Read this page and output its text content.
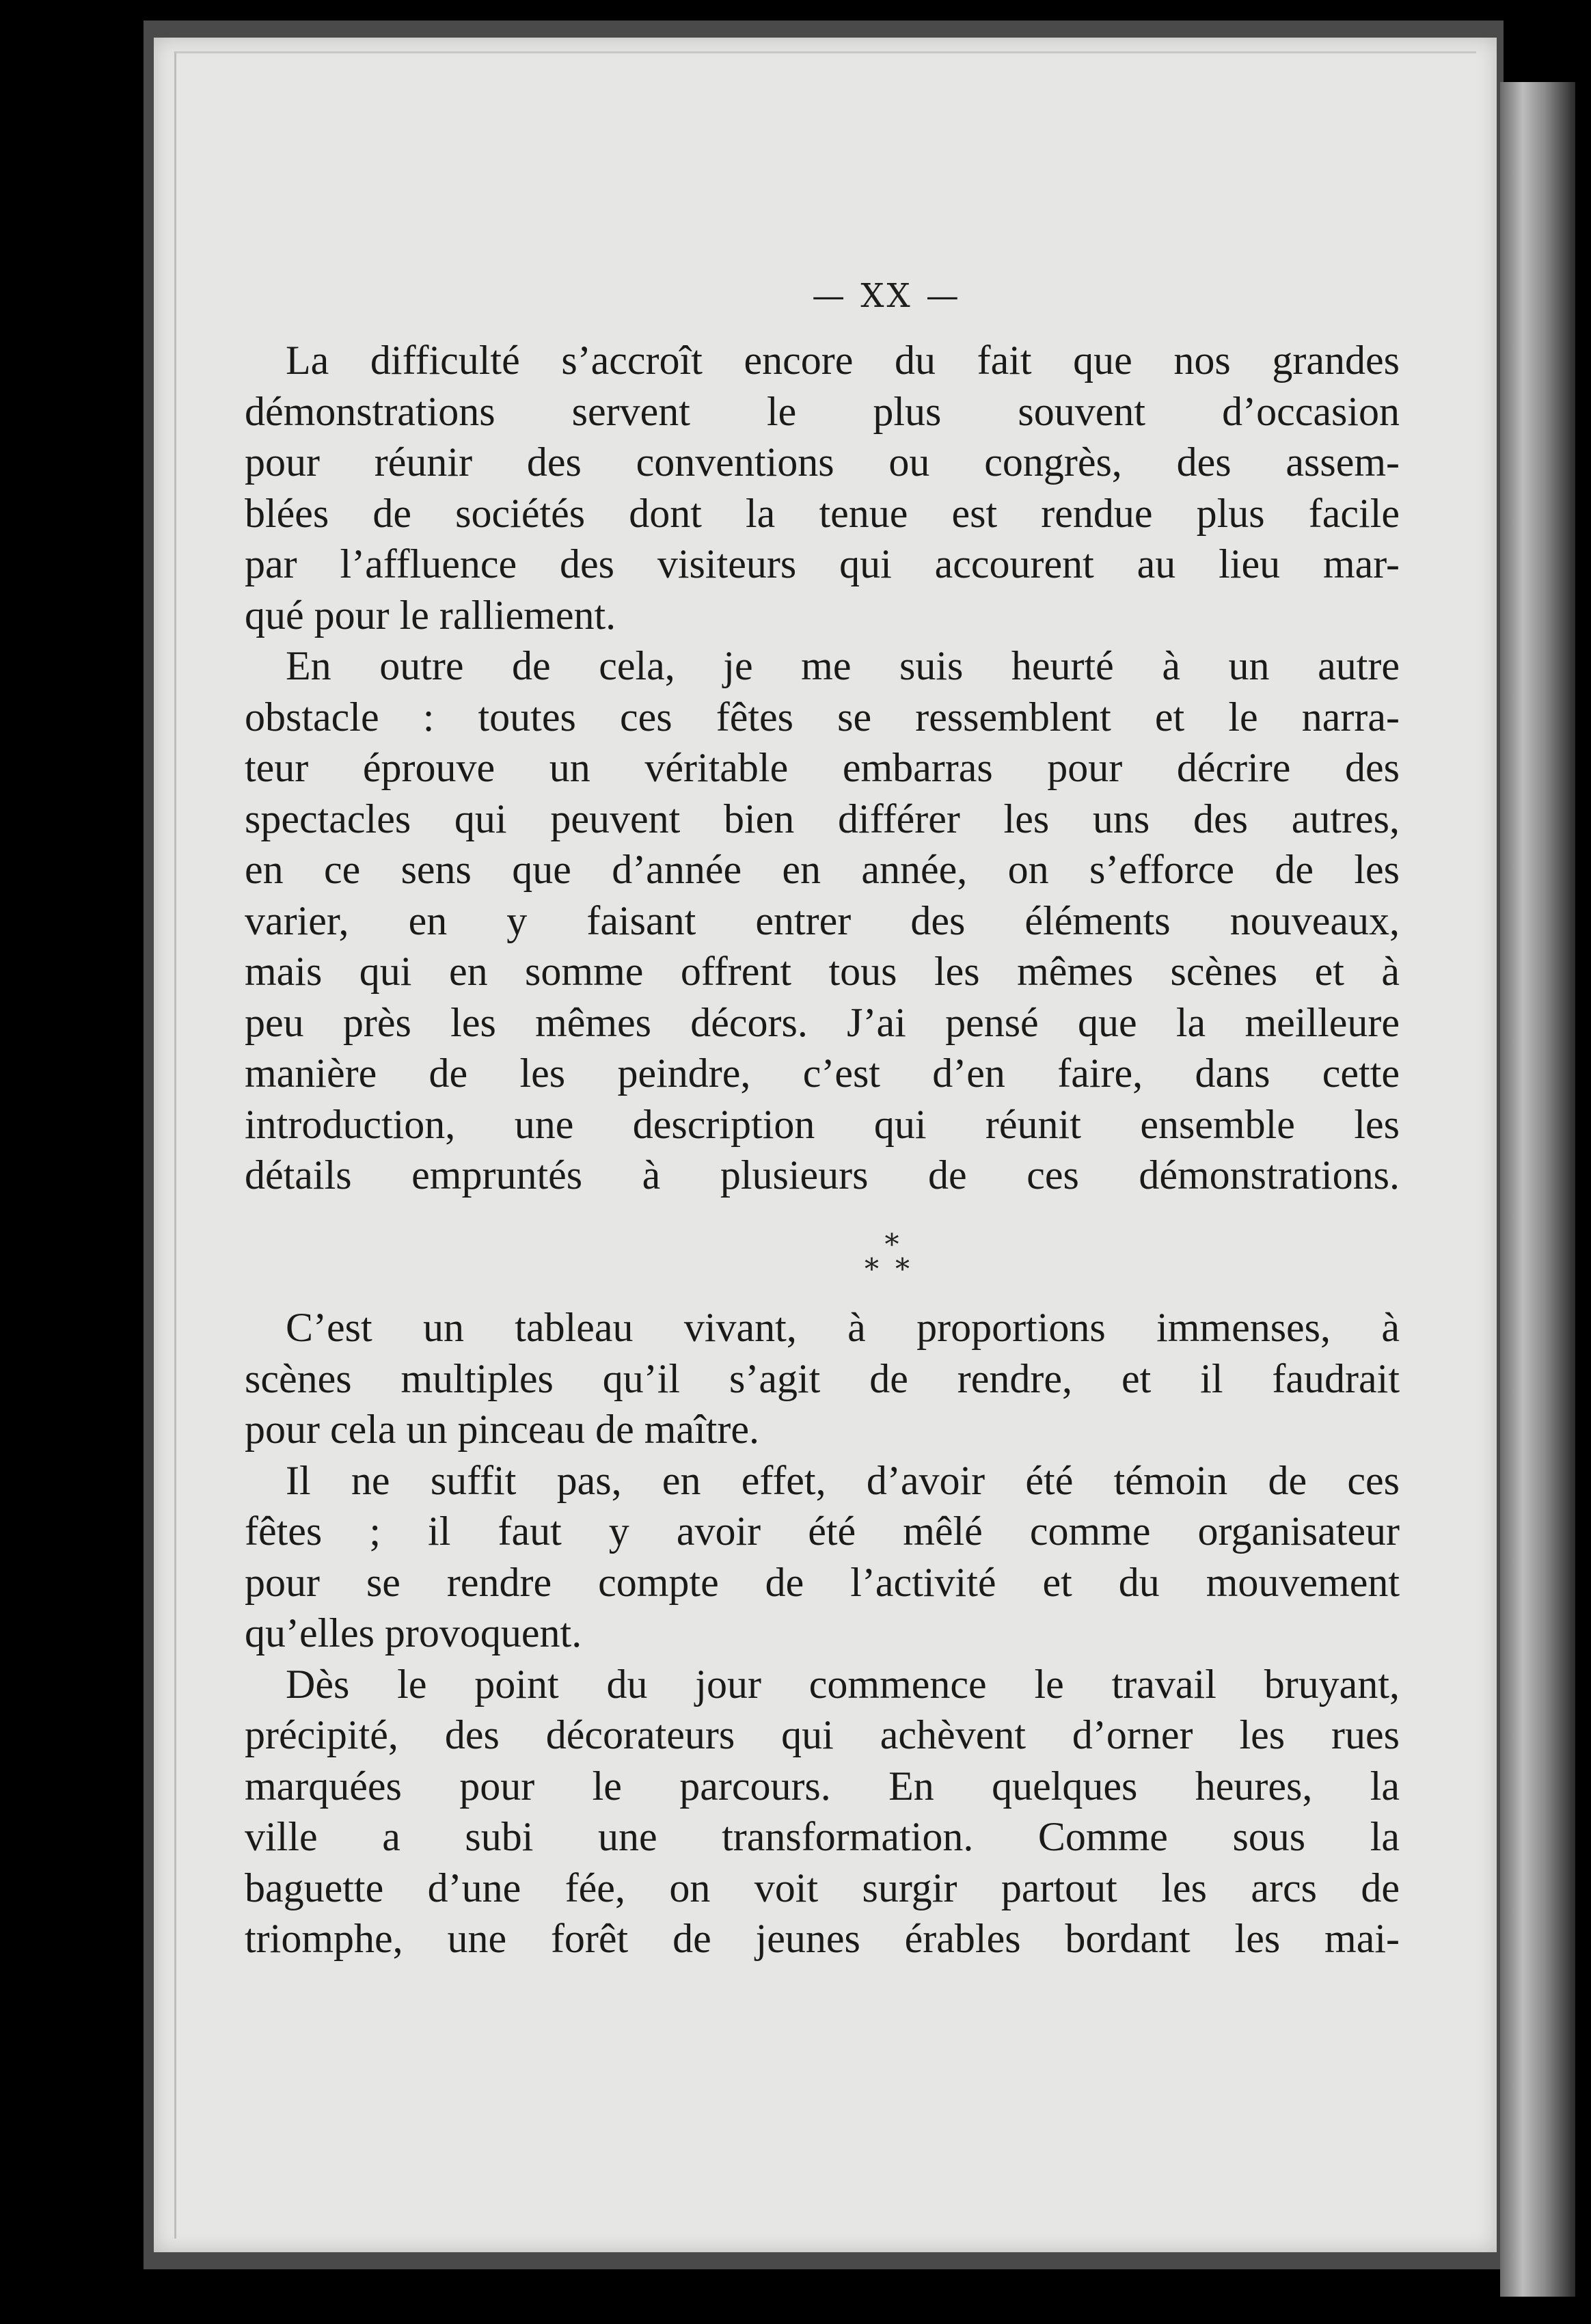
— XX —
La difficulté s’accroît encore du fait que nos grandes
démonstrations servent le plus souvent d’occasion
pour réunir des conventions ou congrès, des assem-
blées de sociétés dont la tenue est rendue plus facile
par l’affluence des visiteurs qui accourent au lieu mar-
qué pour le ralliement.
En outre de cela, je me suis heurté à un autre
obstacle : toutes ces fêtes se ressemblent et le narra-
teur éprouve un véritable embarras pour décrire des
spectacles qui peuvent bien différer les uns des autres,
en ce sens que d’année en année, on s’efforce de les
varier, en y faisant entrer des éléments nouveaux,
mais qui en somme offrent tous les mêmes scènes et à
peu près les mêmes décors. J’ai pensé que la meilleure
manière de les peindre, c’est d’en faire, dans cette
introduction, une description qui réunit ensemble les
détails empruntés à plusieurs de ces démonstrations.
*
**
C’est un tableau vivant, à proportions immenses, à
scènes multiples qu’il s’agit de rendre, et il faudrait
pour cela un pinceau de maître.
Il ne suffit pas, en effet, d’avoir été témoin de ces
fêtes ; il faut y avoir été mêlé comme organisateur
pour se rendre compte de l’activité et du mouvement
qu’elles provoquent.
Dès le point du jour commence le travail bruyant,
précipité, des décorateurs qui achèvent d’orner les rues
marquées pour le parcours. En quelques heures, la
ville a subi une transformation. Comme sous la
baguette d’une fée, on voit surgir partout les arcs de
triomphe, une forêt de jeunes érables bordant les mai-
